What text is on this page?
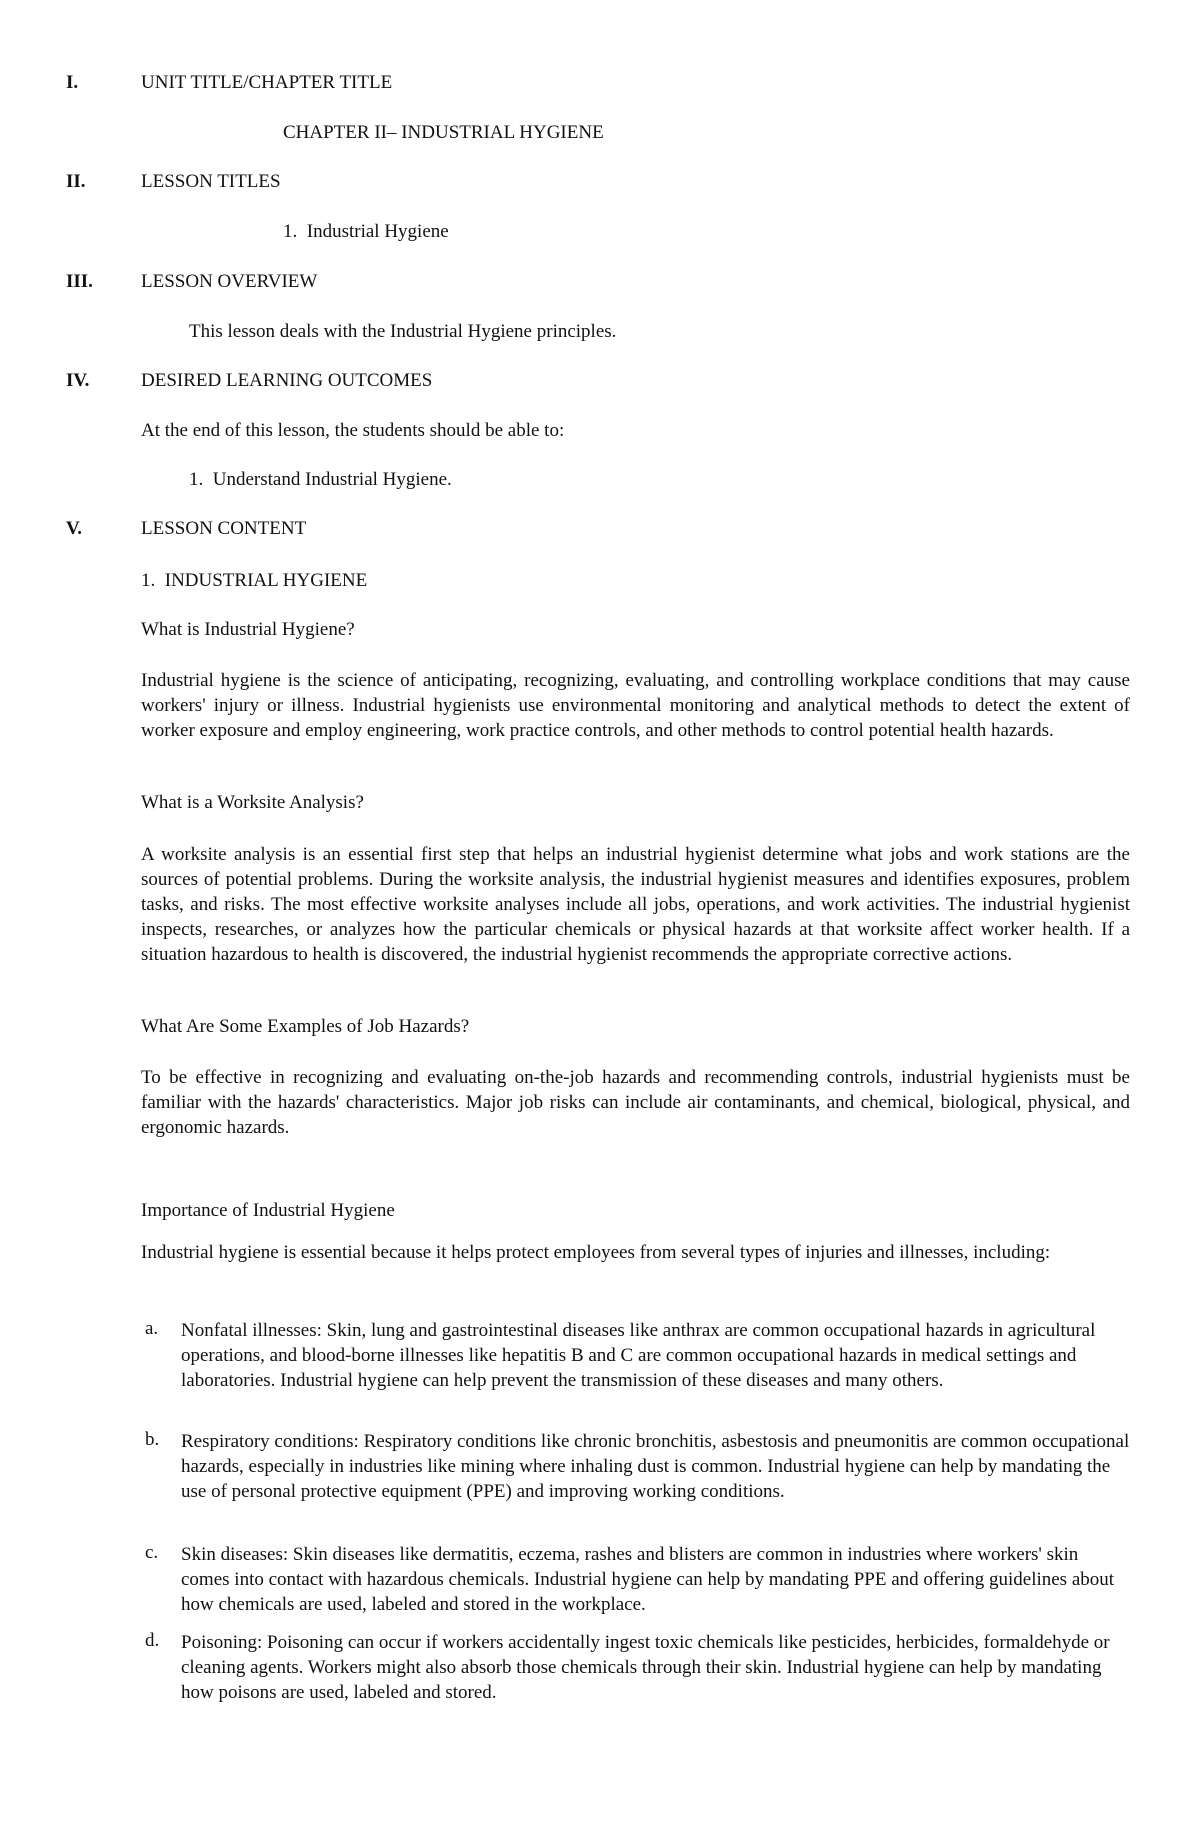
I.	UNIT TITLE/CHAPTER TITLE
CHAPTER II– INDUSTRIAL HYGIENE
II.	LESSON TITLES
1.  Industrial Hygiene
III.	LESSON OVERVIEW
This lesson deals with the Industrial Hygiene principles.
IV.	DESIRED LEARNING OUTCOMES
At the end of this lesson, the students should be able to:
1.  Understand Industrial Hygiene.
V.	LESSON CONTENT
1.  INDUSTRIAL HYGIENE
What is Industrial Hygiene?
Industrial hygiene is the science of anticipating, recognizing, evaluating, and controlling workplace conditions that may cause workers' injury or illness. Industrial hygienists use environmental monitoring and analytical methods to detect the extent of worker exposure and employ engineering, work practice controls, and other methods to control potential health hazards.
What is a Worksite Analysis?
A worksite analysis is an essential first step that helps an industrial hygienist determine what jobs and work stations are the sources of potential problems. During the worksite analysis, the industrial hygienist measures and identifies exposures, problem tasks, and risks. The most effective worksite analyses include all jobs, operations, and work activities. The industrial hygienist inspects, researches, or analyzes how the particular chemicals or physical hazards at that worksite affect worker health. If a situation hazardous to health is discovered, the industrial hygienist recommends the appropriate corrective actions.
What Are Some Examples of Job Hazards?
To be effective in recognizing and evaluating on-the-job hazards and recommending controls, industrial hygienists must be familiar with the hazards' characteristics. Major job risks can include air contaminants, and chemical, biological, physical, and ergonomic hazards.
Importance of Industrial Hygiene
Industrial hygiene is essential because it helps protect employees from several types of injuries and illnesses, including:
a. Nonfatal illnesses: Skin, lung and gastrointestinal diseases like anthrax are common occupational hazards in agricultural operations, and blood-borne illnesses like hepatitis B and C are common occupational hazards in medical settings and laboratories. Industrial hygiene can help prevent the transmission of these diseases and many others.
b. Respiratory conditions: Respiratory conditions like chronic bronchitis, asbestosis and pneumonitis are common occupational hazards, especially in industries like mining where inhaling dust is common. Industrial hygiene can help by mandating the use of personal protective equipment (PPE) and improving working conditions.
c. Skin diseases: Skin diseases like dermatitis, eczema, rashes and blisters are common in industries where workers' skin comes into contact with hazardous chemicals. Industrial hygiene can help by mandating PPE and offering guidelines about how chemicals are used, labeled and stored in the workplace.
d. Poisoning: Poisoning can occur if workers accidentally ingest toxic chemicals like pesticides, herbicides, formaldehyde or cleaning agents. Workers might also absorb those chemicals through their skin. Industrial hygiene can help by mandating how poisons are used, labeled and stored.
